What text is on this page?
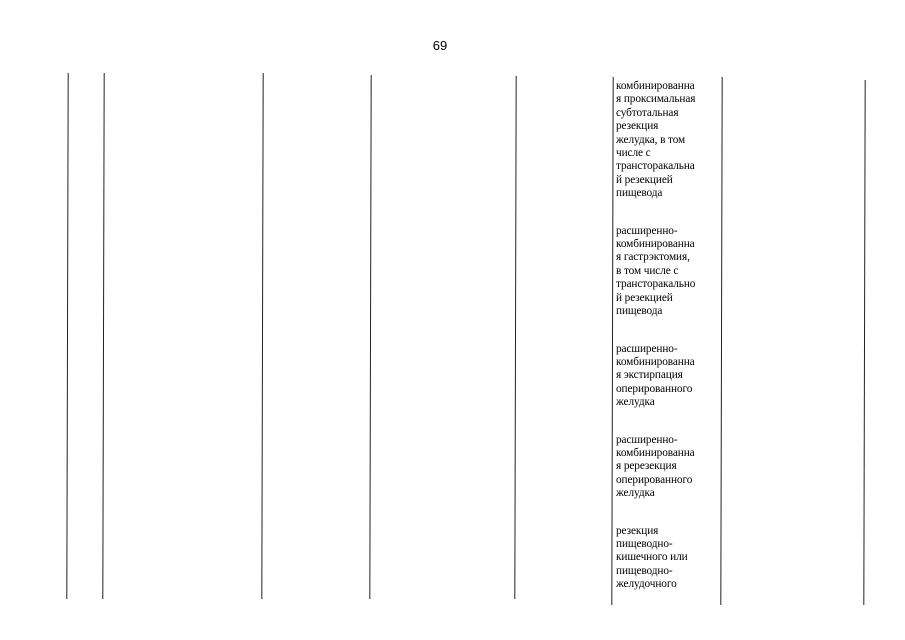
69
комбинированна
я проксимальная
субтотальная
резекция
желудка, в том
числе с
трансторакальна
й резекцией
пищевода
расширенно-
комбинированна
я гастрэктомия,
в том числе с
трансторакально
й резекцией
пищевода
расширенно-
комбинированна
я экстирпация
оперированного
желудка
расширенно-
комбинированна
я ререзекция
оперированного
желудка
резекция
пищеводно-
кишечного или
пищеводно-
желудочного
